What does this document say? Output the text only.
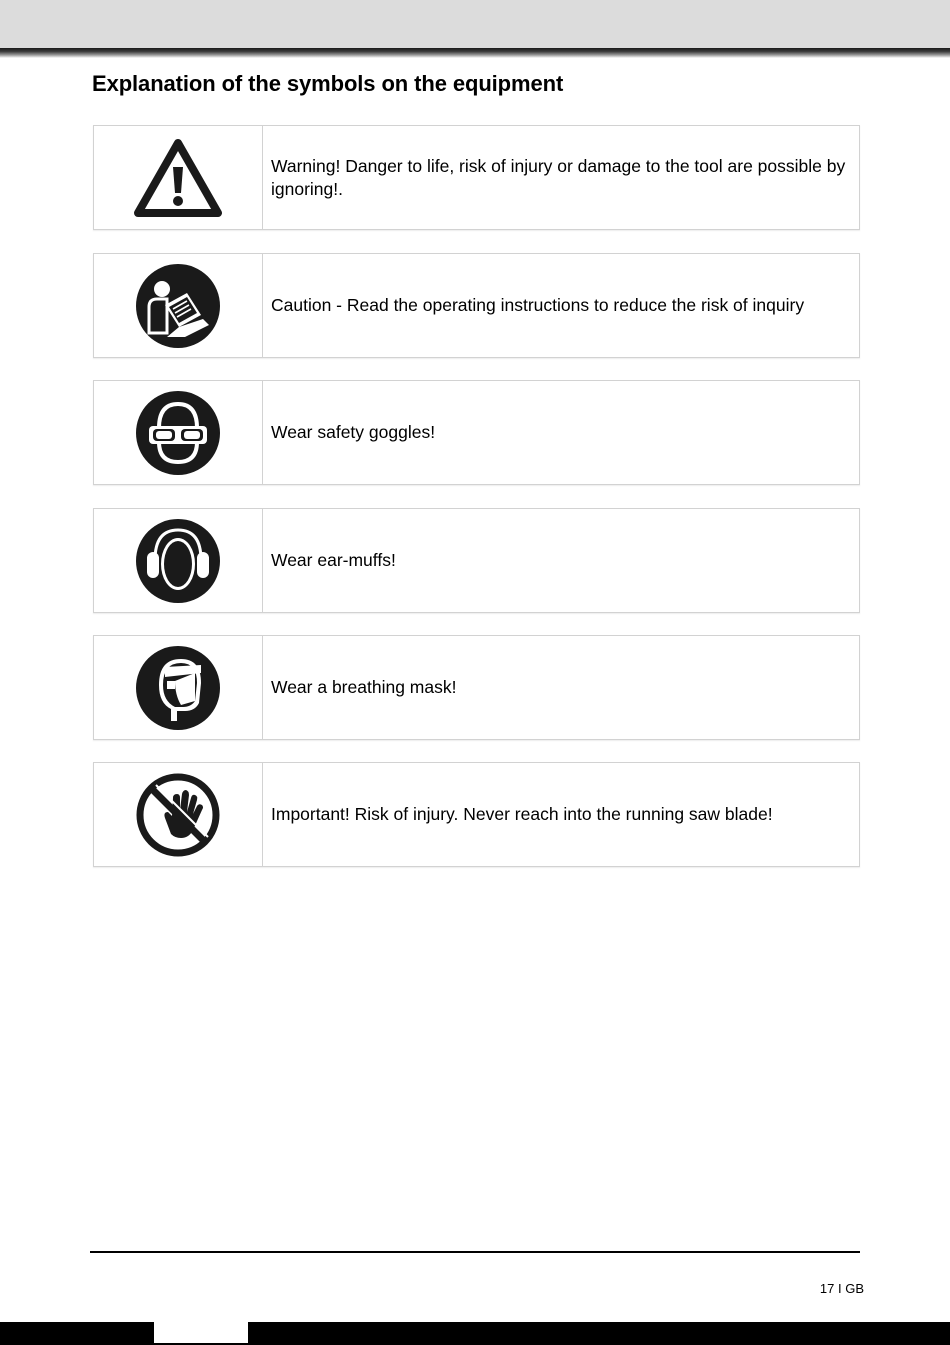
Explanation of the symbols on the equipment
Warning! Danger to life, risk of injury or damage to the tool are possible by ignoring!.
Caution - Read the operating instructions to reduce the risk of inquiry
Wear safety goggles!
Wear ear-muffs!
Wear a breathing mask!
Important! Risk of injury. Never reach into the running saw blade!
17 I GB
